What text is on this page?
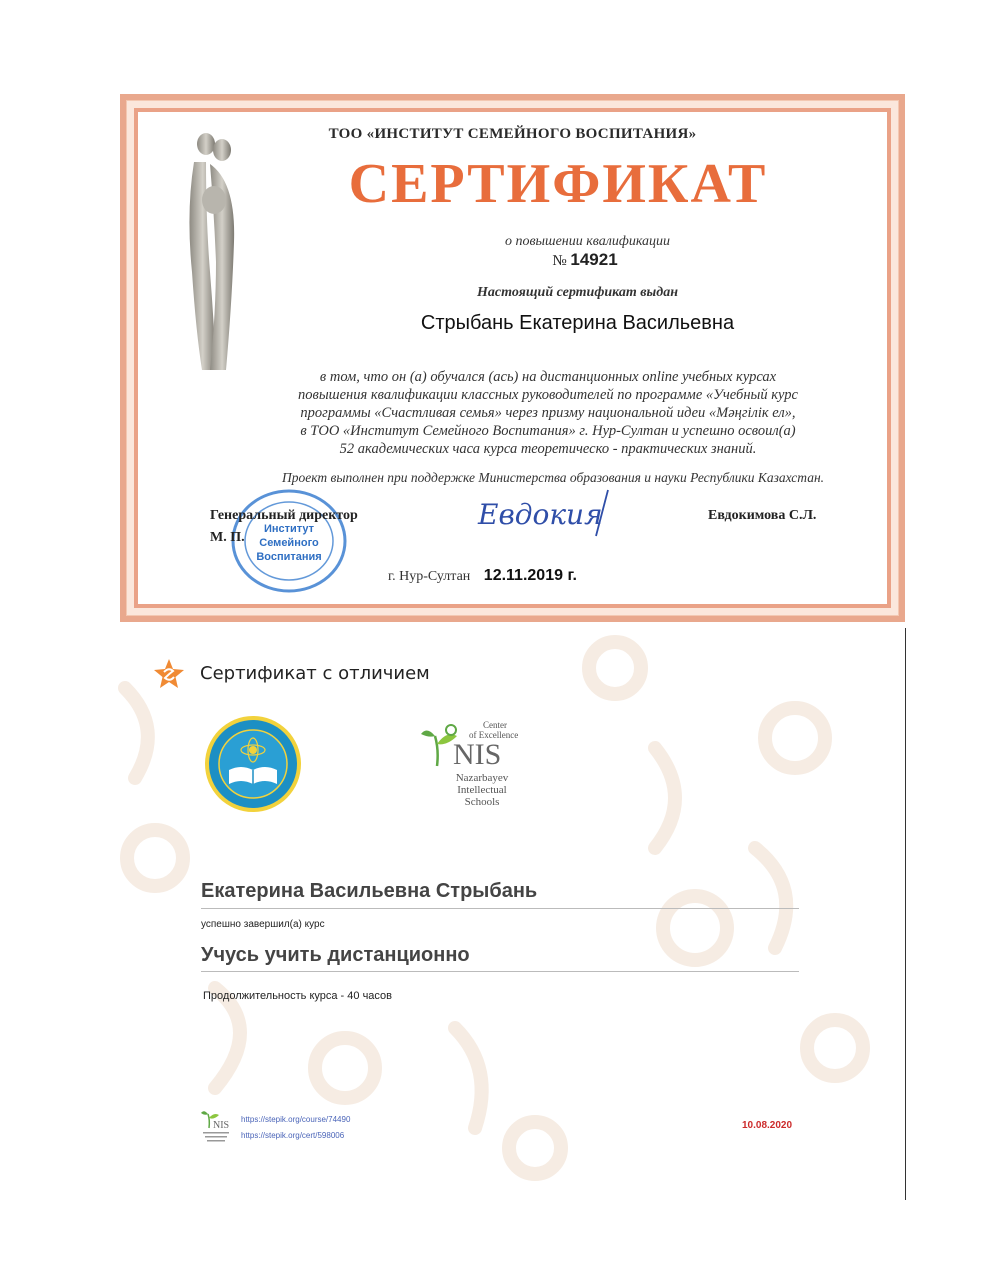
ТОО «ИНСТИТУТ СЕМЕЙНОГО ВОСПИТАНИЯ»
СЕРТИФИКАТ
о повышении квалификации
№ 14921
Настоящий сертификат выдан
Стрыбань Екатерина Васильевна
в том, что он (а) обучался (ась) на дистанционных online учебных курсах
повышения квалификации классных руководителей по программе «Учебный курс
программы «Счастливая семья» через призму национальной идеи «Мәңгілік ел»,
в ТОО «Институт Семейного Воспитания» г. Нур-Султан и успешно освоил(а)
52 академических часа курса теоретическо - практических знаний.
Проект выполнен при поддержке Министерства образования и науки Республики Казахстан.
Институт
Семейного
Воспитания
Генеральный директор
М. П.
Евдокия	Евдокимова С.Л.
г. Нур-Султан 12.11.2019 г.
Сертификат с отличием
Center
of Excellence
NIS
Nazarbayev
Intellectual
Schools
Екатерина Васильевна Стрыбань
успешно завершил(а) курс
Учусь учить дистанционно
Продолжительность курса - 40 часов
NIS
https://stepik.org/course/74490
https://stepik.org/cert/598006
10.08.2020
